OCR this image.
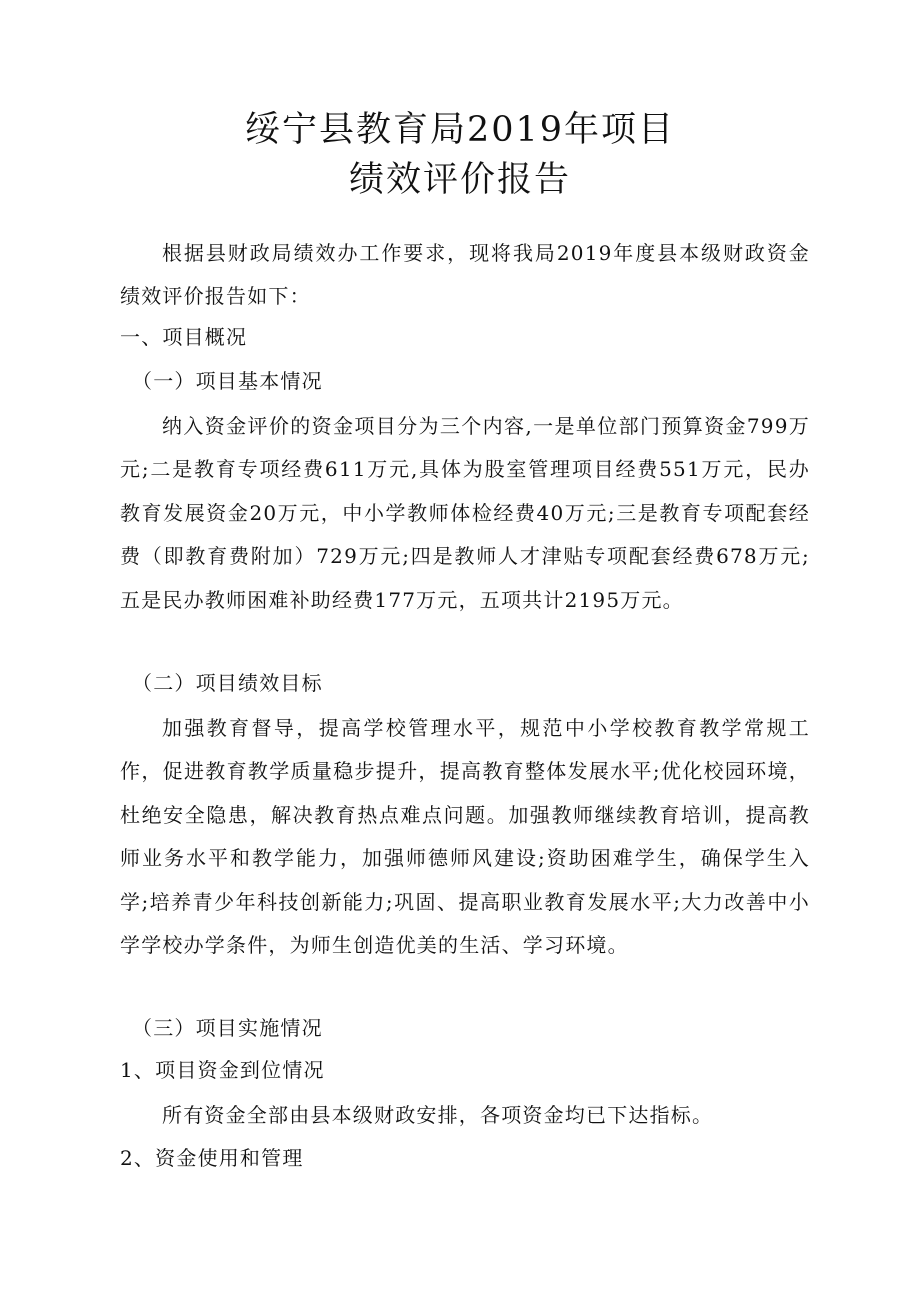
绥宁县教育局2019年项目
绩效评价报告

根据县财政局绩效办工作要求，现将我局2019年度县本级财政资金绩效评价报告如下：

一、项目概况
（一）项目基本情况

纳入资金评价的资金项目分为三个内容,一是单位部门预算资金799万元;二是教育专项经费611万元,具体为股室管理项目经费551万元，民办教育发展资金20万元，中小学教师体检经费40万元;三是教育专项配套经费（即教育费附加）729万元;四是教师人才津贴专项配套经费678万元;五是民办教师困难补助经费177万元，五项共计2195万元。

（二）项目绩效目标

加强教育督导，提高学校管理水平，规范中小学校教育教学常规工作，促进教育教学质量稳步提升，提高教育整体发展水平;优化校园环境，杜绝安全隐患，解决教育热点难点问题。加强教师继续教育培训，提高教师业务水平和教学能力，加强师德师风建设;资助困难学生，确保学生入学;培养青少年科技创新能力;巩固、提高职业教育发展水平;大力改善中小学学校办学条件，为师生创造优美的生活、学习环境。

（三）项目实施情况
1、项目资金到位情况

所有资金全部由县本级财政安排，各项资金均已下达指标。

2、资金使用和管理
